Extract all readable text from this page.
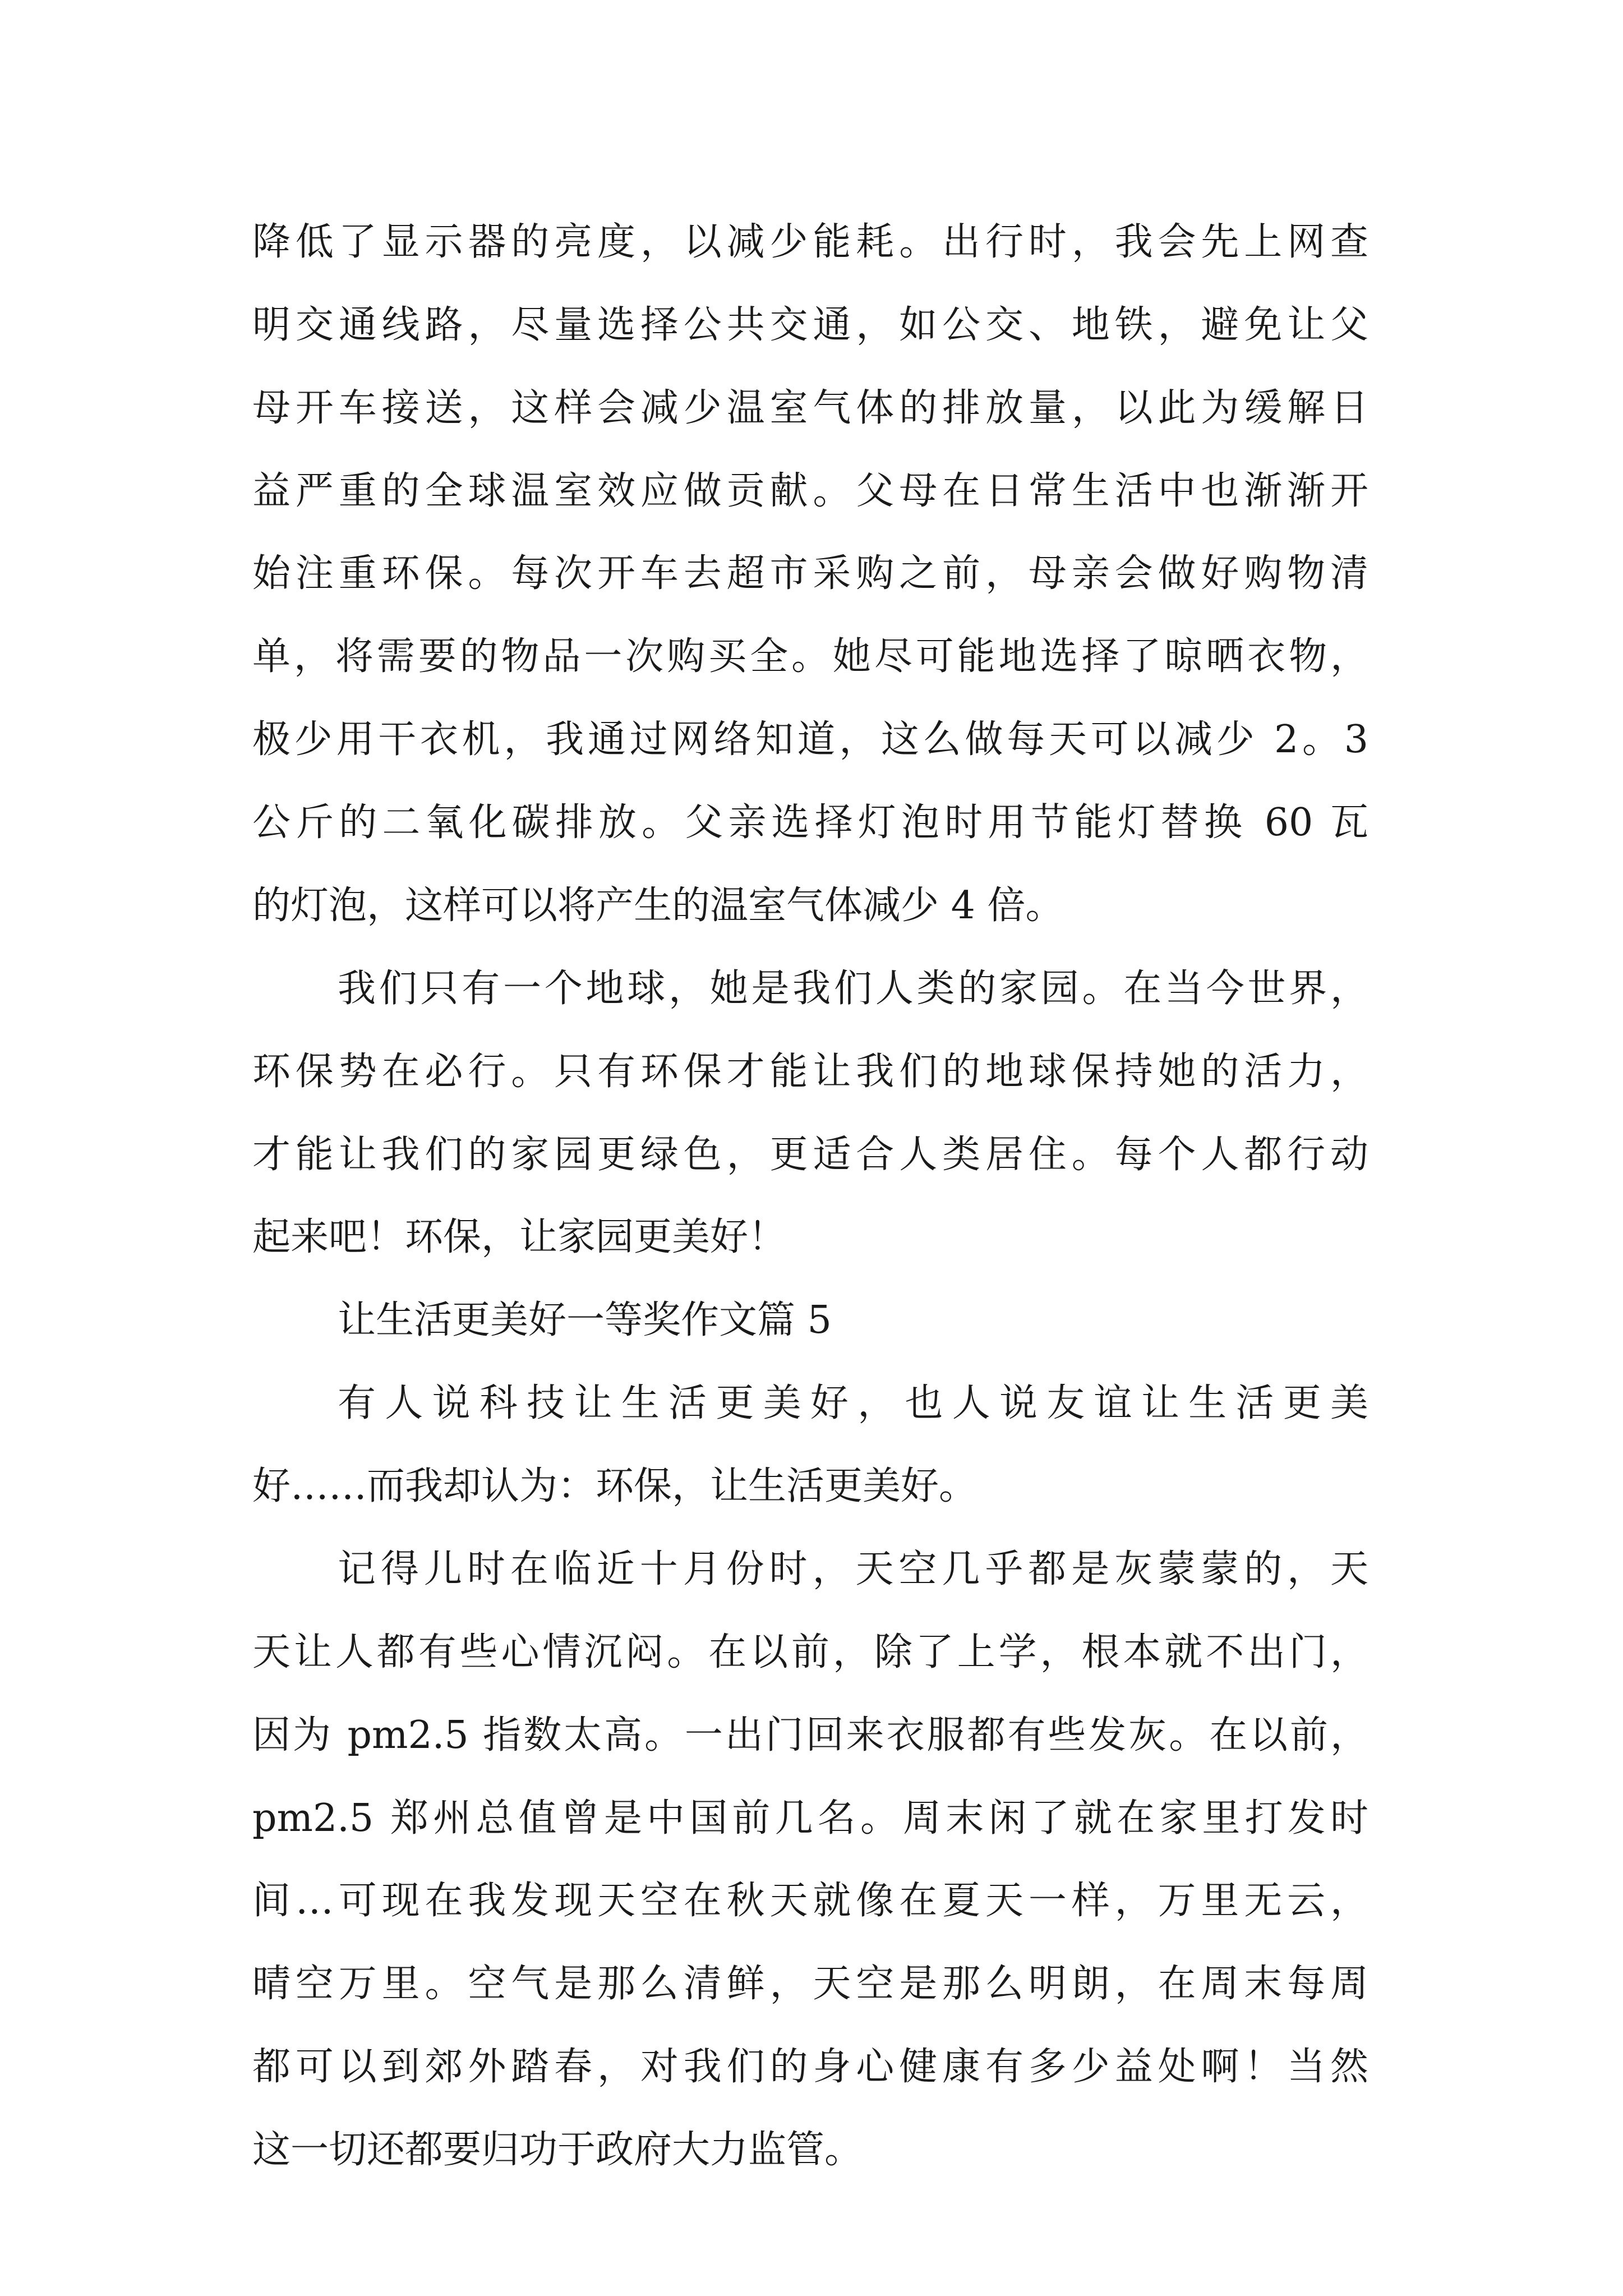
降低了显示器的亮度，以减少能耗。出行时，我会先上网查

明交通线路，尽量选择公共交通，如公交、地铁，避免让父

母开车接送，这样会减少温室气体的排放量，以此为缓解日

益严重的全球温室效应做贡献。父母在日常生活中也渐渐开

始注重环保。每次开车去超市采购之前，母亲会做好购物清

单，将需要的物品一次购买全。她尽可能地选择了晾晒衣物，

极少用干衣机，我通过网络知道，这么做每天可以减少 2。3

公斤的二氧化碳排放。父亲选择灯泡时用节能灯替换 60 瓦

的灯泡，这样可以将产生的温室气体减少 4 倍。

我们只有一个地球，她是我们人类的家园。在当今世界，

环保势在必行。只有环保才能让我们的地球保持她的活力，

才能让我们的家园更绿色，更适合人类居住。每个人都行动

起来吧！环保，让家园更美好！

让生活更美好一等奖作文篇 5

有人说科技让生活更美好，也人说友谊让生活更美

好……而我却认为：环保，让生活更美好。

记得儿时在临近十月份时，天空几乎都是灰蒙蒙的，天

天让人都有些心情沉闷。在以前，除了上学，根本就不出门，

因为 pm2.5 指数太高。一出门回来衣服都有些发灰。在以前，

pm2.5 郑州总值曾是中国前几名。周末闲了就在家里打发时

间…可现在我发现天空在秋天就像在夏天一样，万里无云，

晴空万里。空气是那么清鲜，天空是那么明朗，在周末每周

都可以到郊外踏春，对我们的身心健康有多少益处啊！当然

这一切还都要归功于政府大力监管。
